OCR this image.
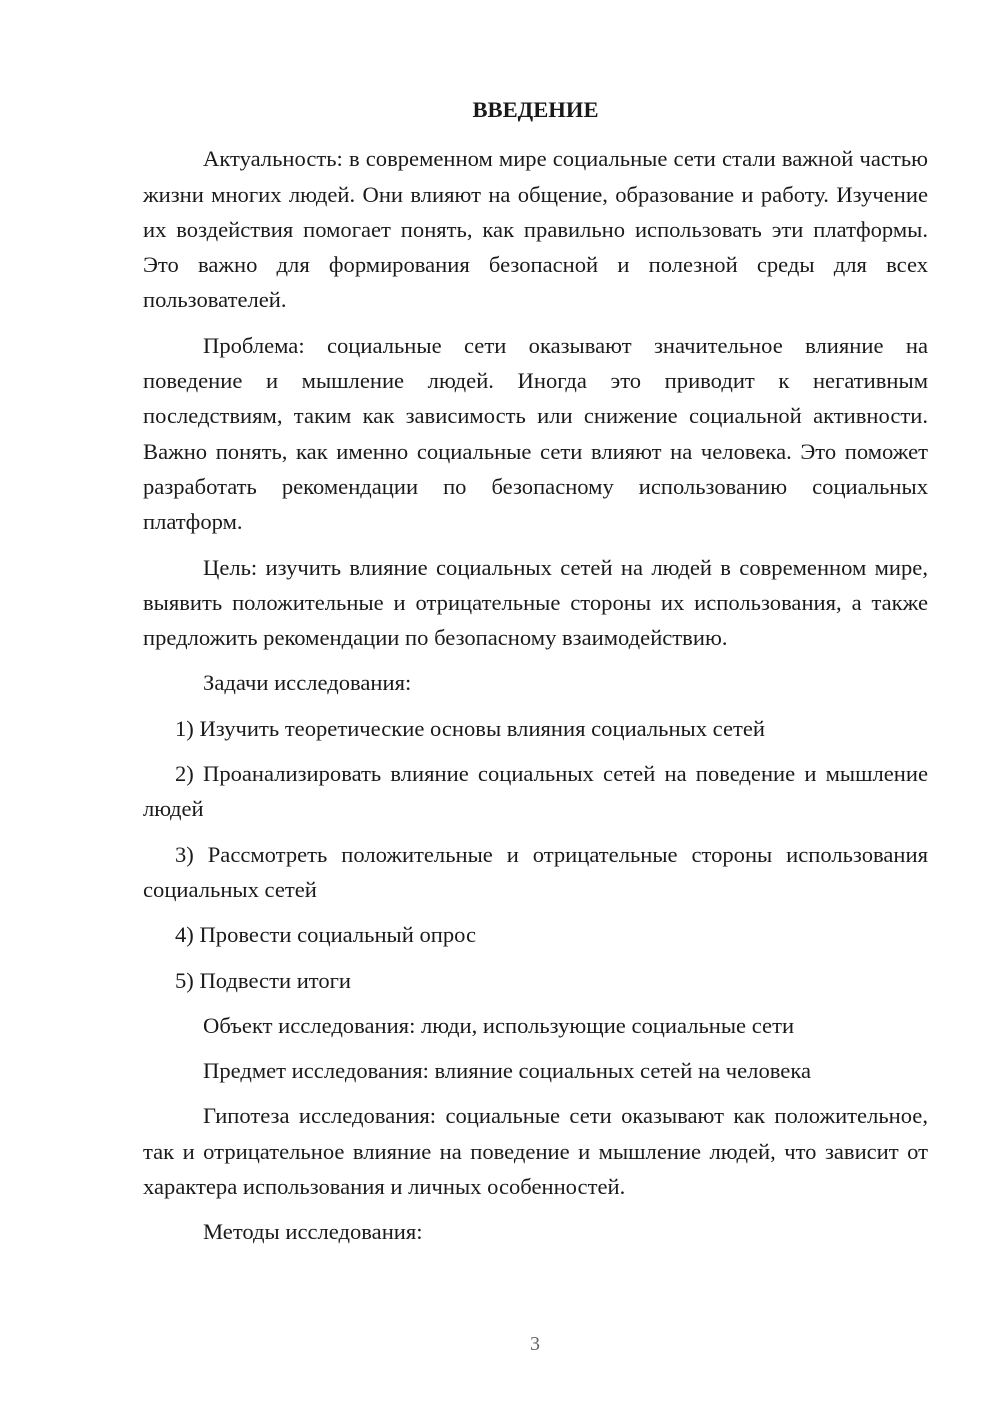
ВВЕДЕНИЕ

Актуальность: в современном мире социальные сети стали важной частью жизни многих людей. Они влияют на общение, образование и работу. Изучение их воздействия помогает понять, как правильно использовать эти платформы. Это важно для формирования безопасной и полезной среды для всех пользователей.

Проблема: социальные сети оказывают значительное влияние на поведение и мышление людей. Иногда это приводит к негативным последствиям, таким как зависимость или снижение социальной активности. Важно понять, как именно социальные сети влияют на человека. Это поможет разработать рекомендации по безопасному использованию социальных платформ.

Цель: изучить влияние социальных сетей на людей в современном мире, выявить положительные и отрицательные стороны их использования, а также предложить рекомендации по безопасному взаимодействию.

Задачи исследования:

1) Изучить теоретические основы влияния социальных сетей

2) Проанализировать влияние социальных сетей на поведение и мышление людей

3) Рассмотреть положительные и отрицательные стороны использования социальных сетей

4) Провести социальный опрос

5) Подвести итоги

Объект исследования: люди, использующие социальные сети

Предмет исследования: влияние социальных сетей на человека

Гипотеза исследования: социальные сети оказывают как положительное, так и отрицательное влияние на поведение и мышление людей, что зависит от характера использования и личных особенностей.

Методы исследования:

3
